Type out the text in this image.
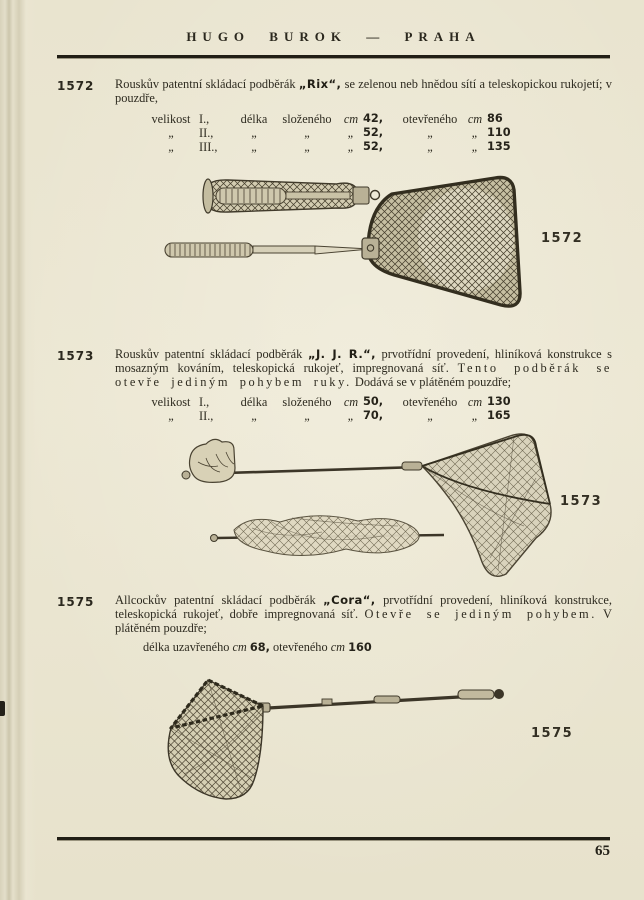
HUGO BUROK — PRAHA
1572	Rouskův patentní skládací podběrák „Rix“, se zelenou neb hnědou sítí a teleskopickou rukojetí; v pouzdře,

velikost I.,	délka složeného cm 42, otevřeného cm 86
„ II.,	„	„	„ 52,	„	„ 110
„ III.,	„	„	„ 52,	„	„ 135
1572
1573	Rouskův patentní skládací podběrák „J. J. R.“, prvotřídní provedení, hliníková konstrukce s mosazným kováním, teleskopická rukojeť, impregnovaná síť. Tento podběrák se otevře jediným pohybem ruky. Dodává se v plátěném pouzdře;

velikost I.,	délka složeného cm 50, otevřeného cm 130
„ II.,	„	„	„ 70,	„	„ 165
1573
1575	Allcockův patentní skládací podběrák „Cora“, prvotřídní provedení, hliníková konstrukce, teleskopická rukojeť, dobře impregnovaná síť. Otevře se jediným pohybem. V plátěném pouzdře;

délka uzavřeného cm 68, otevřeného cm 160

1575
65
